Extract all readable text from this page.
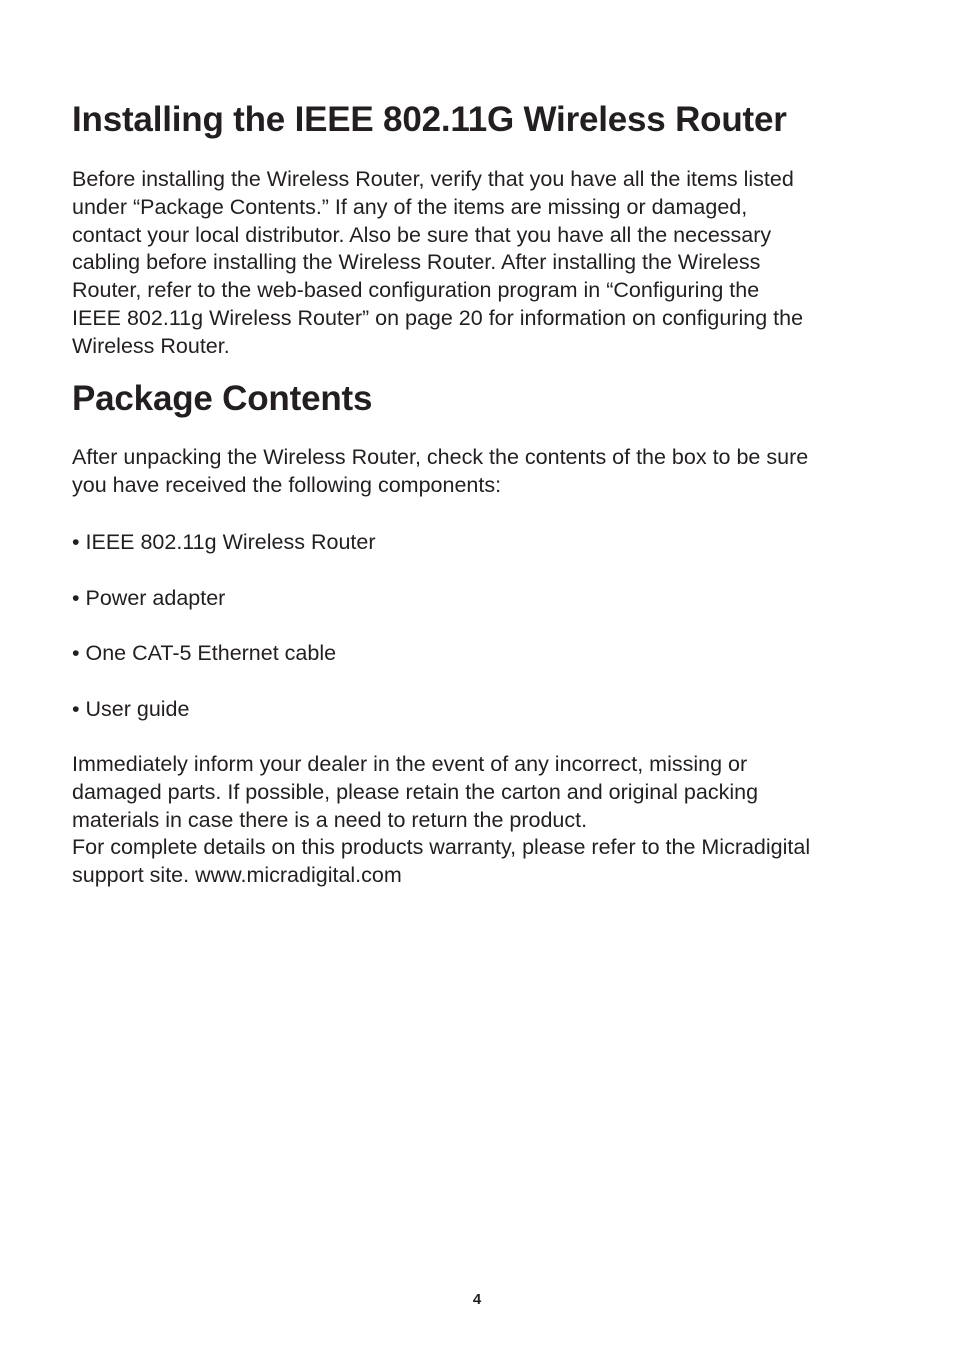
Installing the IEEE 802.11G Wireless Router

Before installing the Wireless Router, verify that you have all the items listed
under “Package Contents.” If any of the items are missing or damaged,
contact your local distributor. Also be sure that you have all the necessary
cabling before installing the Wireless Router. After installing the Wireless
Router, refer to the web-based configuration program in “Configuring the
IEEE 802.11g Wireless Router” on page 20 for information on configuring the
Wireless Router.

Package Contents

After unpacking the Wireless Router, check the contents of the box to be sure
you have received the following components:

• IEEE 802.11g Wireless Router
• Power adapter
• One CAT-5 Ethernet cable
• User guide

Immediately inform your dealer in the event of any incorrect, missing or
damaged parts. If possible, please retain the carton and original packing
materials in case there is a need to return the product.
For complete details on this products warranty, please refer to the Micradigital
support site. www.micradigital.com

4
